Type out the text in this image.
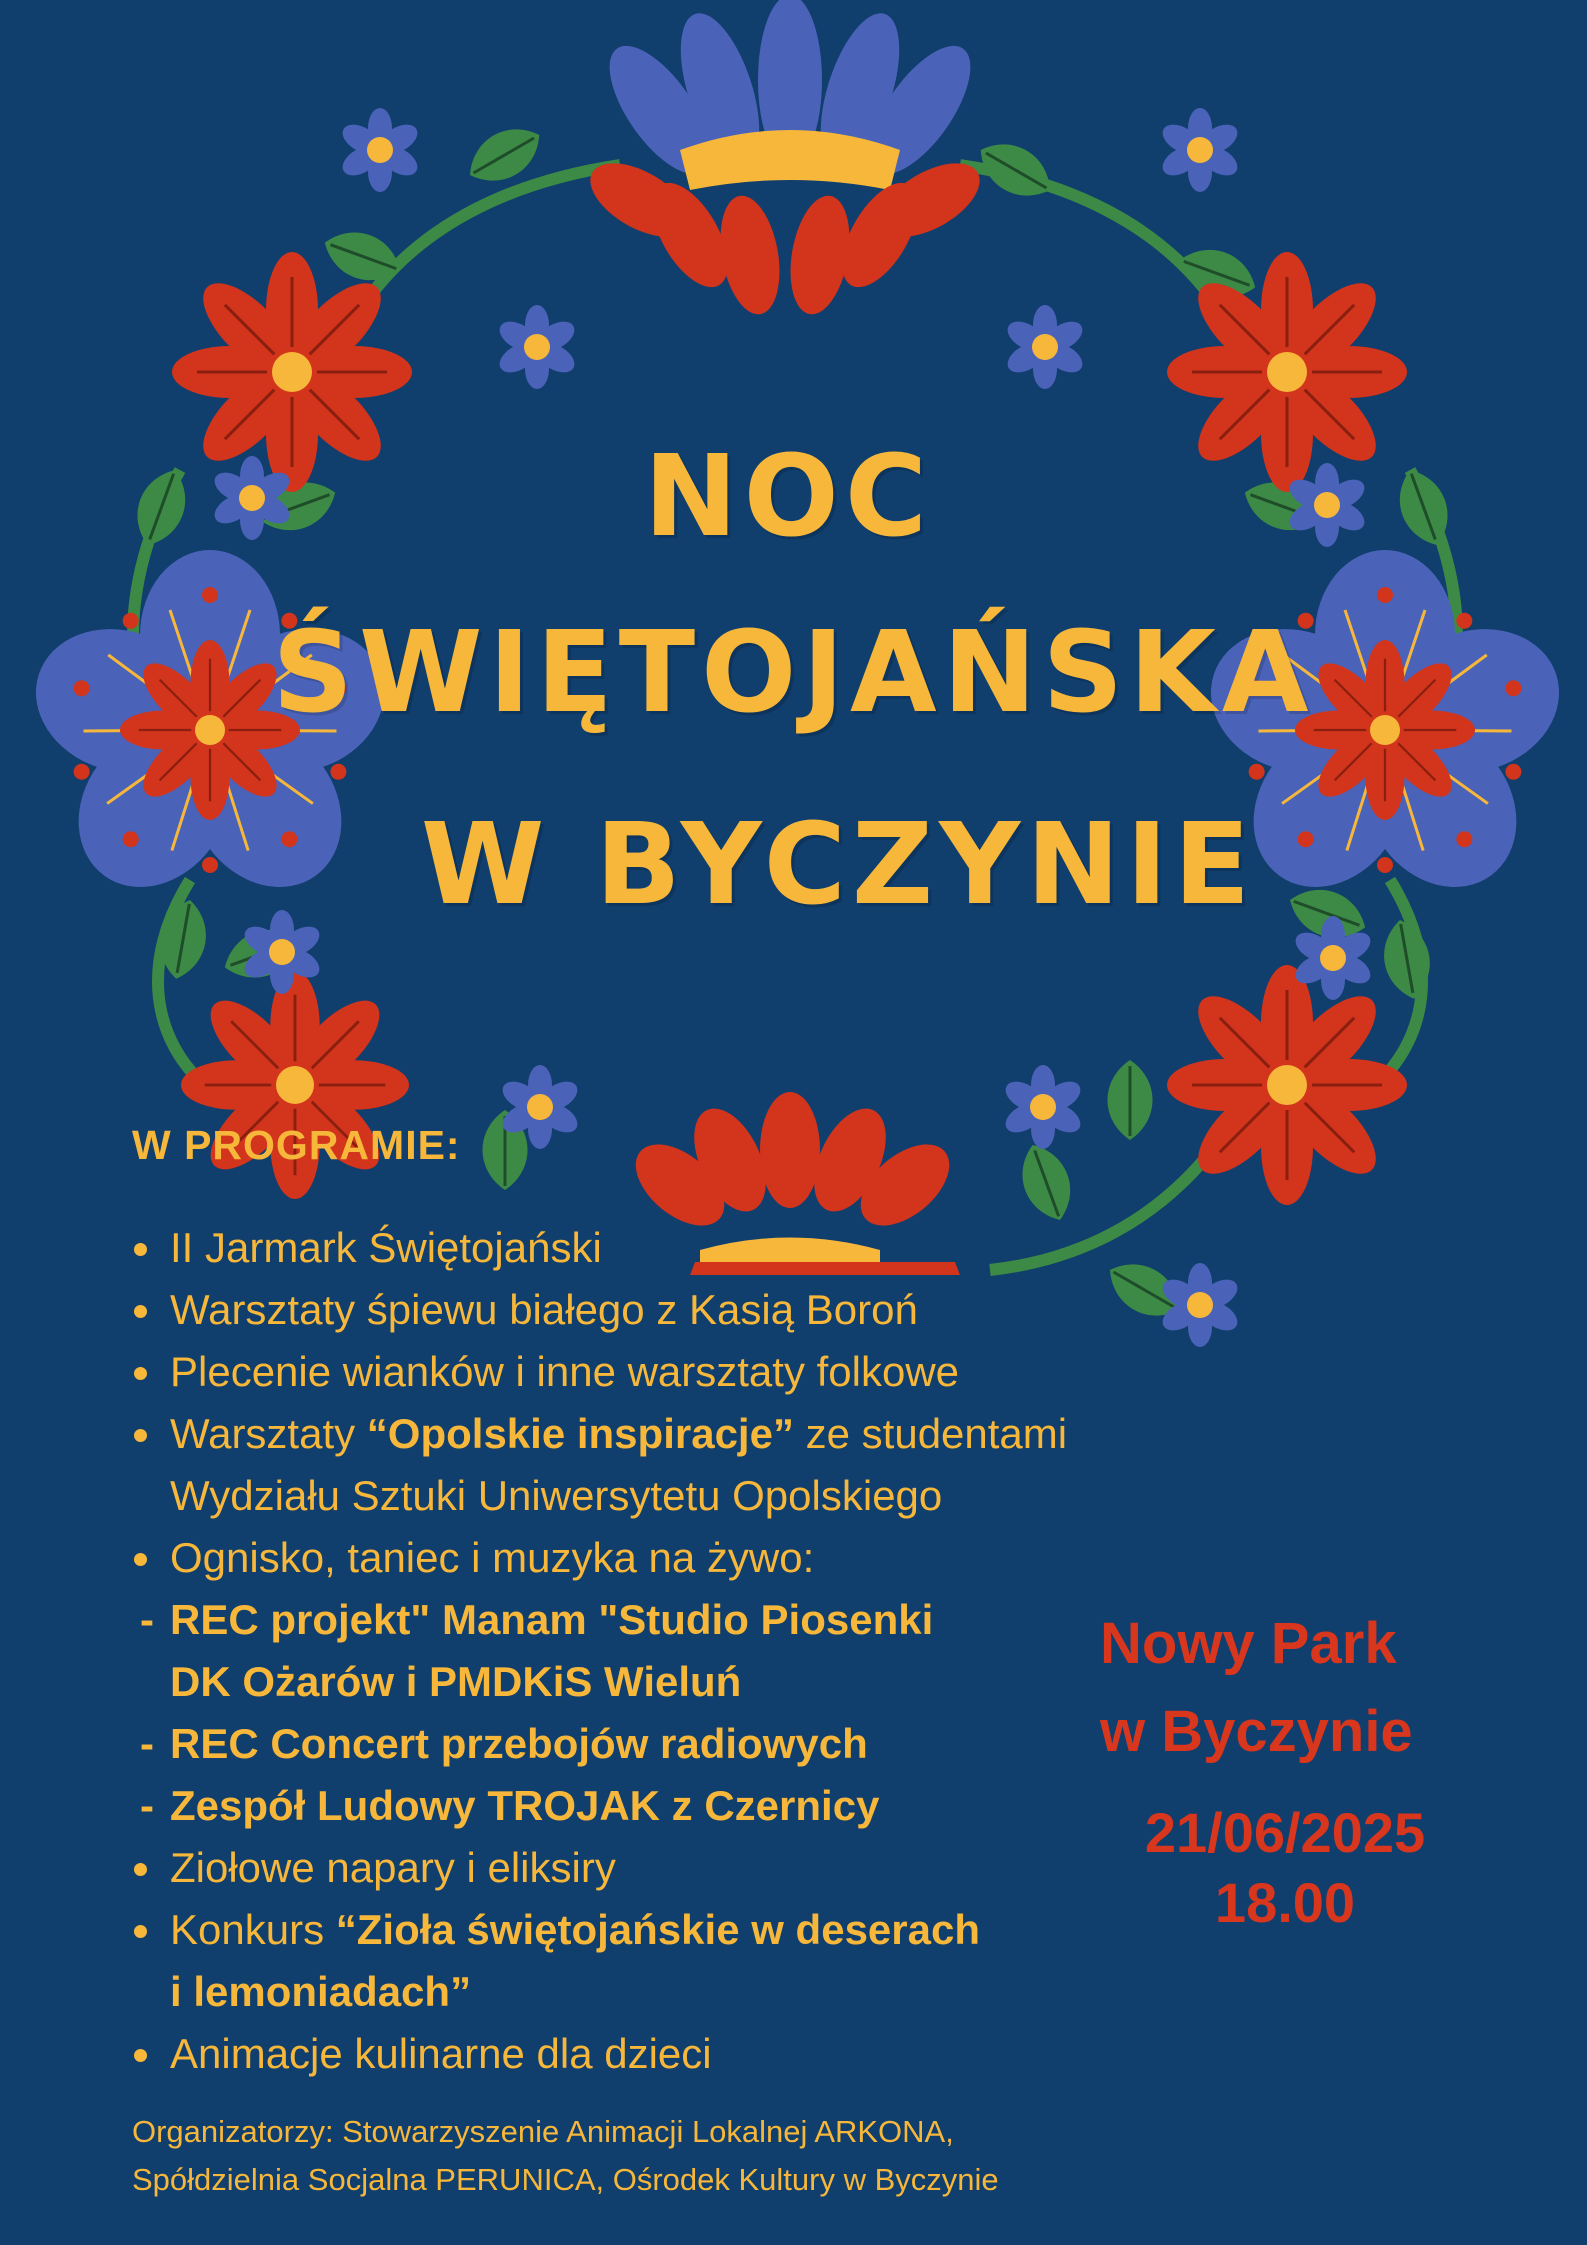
NOC
ŚWIĘTOJAŃSKA
W BYCZYNIE
W PROGRAMIE:
II Jarmark Świętojański
Warsztaty śpiewu białego z Kasią Boroń
Plecenie wianków i inne warsztaty folkowe
Warsztaty “Opolskie inspiracje” ze studentami
Wydziału Sztuki Uniwersytetu Opolskiego
Ognisko, taniec i muzyka na żywo:
- REC projekt" Manam "Studio Piosenki
DK Ożarów i PMDKiS Wieluń
- REC Concert przebojów radiowych
- Zespół Ludowy TROJAK z Czernicy
Ziołowe napary i eliksiry
Konkurs “Zioła świętojańskie w deserach
i lemoniadach”
Animacje kulinarne dla dzieci
Nowy Park
w Byczynie
21/06/2025
18.00
Organizatorzy: Stowarzyszenie Animacji Lokalnej ARKONA,
Spółdzielnia Socjalna PERUNICA, Ośrodek Kultury w Byczynie
